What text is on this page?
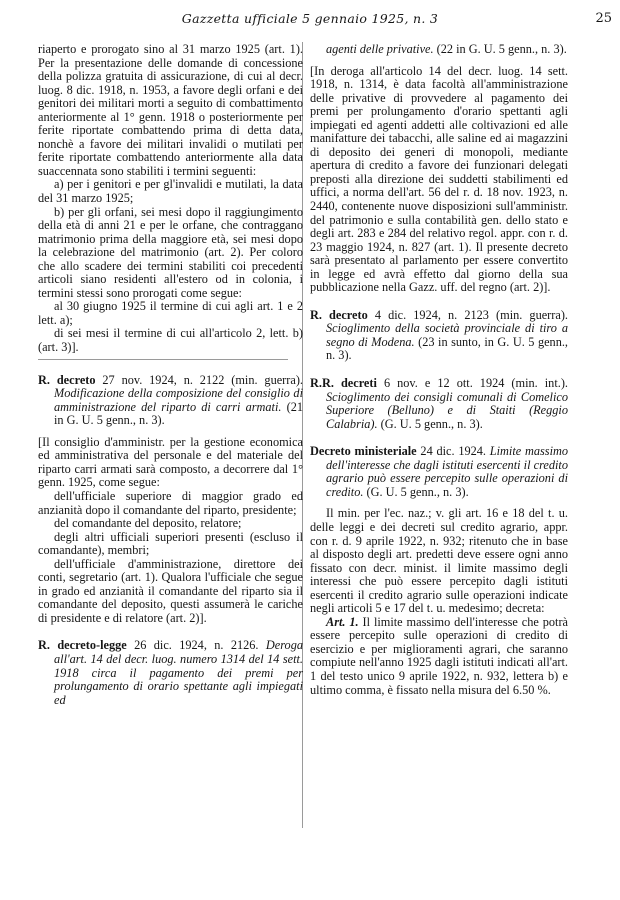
Gazzetta ufficiale 5 gennaio 1925, n. 3	25

riaperto e prorogato sino al 31 marzo 1925 (art. 1). Per la presentazione delle domande di concessione della polizza gratuita di assicurazione, di cui al decr. luog. 8 dic. 1918, n. 1953, a favore degli orfani e dei genitori dei militari morti a seguito di combattimento anteriormente al 1° genn. 1918 o posteriormente per ferite riportate combattendo prima di detta data, nonchè a favore dei militari invalidi o mutilati per ferite riportate combattendo anteriormente alla data suaccennata sono stabiliti i termini seguenti:

a) per i genitori e per gl'invalidi e mutilati, la data del 31 marzo 1925;

b) per gli orfani, sei mesi dopo il raggiungimento della età di anni 21 e per le orfane, che contraggano matrimonio prima della maggiore età, sei mesi dopo la celebrazione del matrimonio (art. 2). Per coloro che allo scadere dei termini stabiliti coi precedenti articoli siano residenti all'estero od in colonia, i termini stessi sono prorogati come segue:

al 30 giugno 1925 il termine di cui agli art. 1 e 2 lett. a);

di sei mesi il termine di cui all'articolo 2, lett. b) (art. 3)].

R. decreto 27 nov. 1924, n. 2122 (min. guerra). Modificazione della composizione del consiglio di amministrazione del riparto di carri armati. (21 in G. U. 5 genn., n. 3).

[Il consiglio d'amministr. per la gestione economica ed amministrativa del personale e del materiale del riparto carri armati sarà composto, a decorrere dal 1° genn. 1925, come segue:

dell'ufficiale superiore di maggior grado ed anzianità dopo il comandante del riparto, presidente;

del comandante del deposito, relatore;

degli altri ufficiali superiori presenti (escluso il comandante), membri;

dell'ufficiale d'amministrazione, direttore dei conti, segretario (art. 1). Qualora l'ufficiale che segue in grado ed anzianità il comandante del riparto sia il comandante del deposito, questi assumerà le cariche di presidente e di relatore (art. 2)].

R. decreto-legge 26 dic. 1924, n. 2126. Deroga all'art. 14 del decr. luog. numero 1314 del 14 sett. 1918 circa il pagamento dei premi per prolungamento di orario spettante agli impiegati ed

agenti delle privative. (22 in G. U. 5 genn., n. 3).

[In deroga all'articolo 14 del decr. luog. 14 sett. 1918, n. 1314, è data facoltà all'amministrazione delle privative di provvedere al pagamento dei premi per prolungamento d'orario spettanti agli impiegati ed agenti addetti alle coltivazioni ed alle manifatture dei tabacchi, alle saline ed ai magazzini di deposito dei generi di monopoli, mediante apertura di credito a favore dei funzionari delegati preposti alla direzione dei suddetti stabilimenti ed uffici, a norma dell'art. 56 del r. d. 18 nov. 1923, n. 2440, contenente nuove disposizioni sull'amministr. del patrimonio e sulla contabilità gen. dello stato e degli art. 283 e 284 del relativo regol. appr. con r. d. 23 maggio 1924, n. 827 (art. 1). Il presente decreto sarà presentato al parlamento per essere convertito in legge ed avrà effetto dal giorno della sua pubblicazione nella Gazz. uff. del regno (art. 2)].

R. decreto 4 dic. 1924, n. 2123 (min. guerra). Scioglimento della società provinciale di tiro a segno di Modena. (23 in sunto, in G. U. 5 genn., n. 3).

R.R. decreti 6 nov. e 12 ott. 1924 (min. int.). Scioglimento dei consigli comunali di Comelico Superiore (Belluno) e di Staiti (Reggio Calabria). (G. U. 5 genn., n. 3).

Decreto ministeriale 24 dic. 1924. Limite massimo dell'interesse che dagli istituti esercenti il credito agrario può essere percepito sulle operazioni di credito. (G. U. 5 genn., n. 3).

Il min. per l'ec. naz.; v. gli art. 16 e 18 del t. u. delle leggi e dei decreti sul credito agrario, appr. con r. d. 9 aprile 1922, n. 932; ritenuto che in base al disposto degli art. predetti deve essere ogni anno fissato con decr. minist. il limite massimo degli interessi che può essere percepito dagli istituti esercenti il credito agrario sulle operazioni indicate negli articoli 5 e 17 del t. u. medesimo; decreta:

Art. 1. Il limite massimo dell'interesse che potrà essere percepito sulle operazioni di credito di esercizio e per miglioramenti agrari, che saranno compiute nell'anno 1925 dagli istituti indicati all'art. 1 del testo unico 9 aprile 1922, n. 932, lettera b) e ultimo comma, è fissato nella misura del 6.50 %.
